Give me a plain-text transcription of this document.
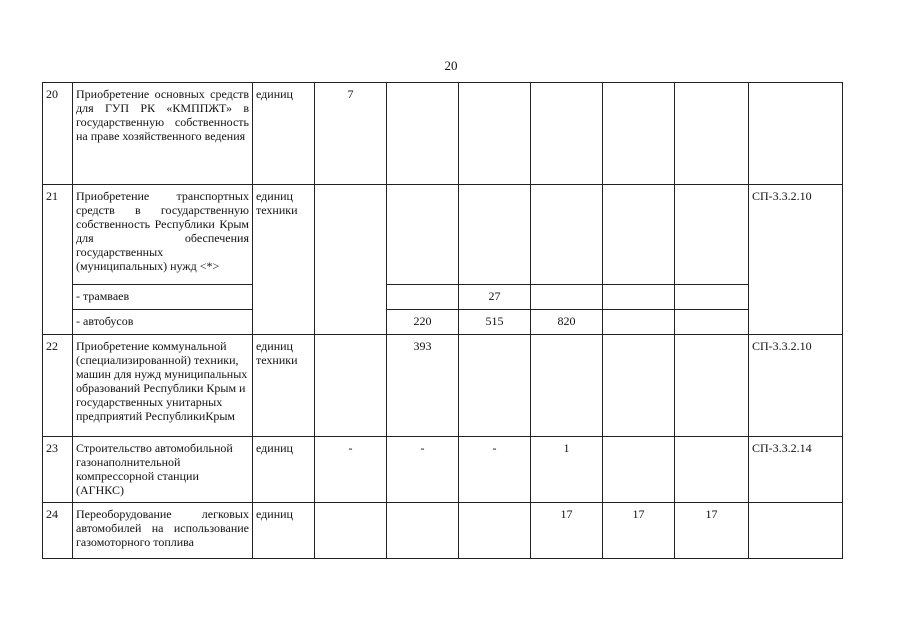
20
20	Приобретение основных средств для ГУП РК «КМППЖТ» в государственную собственность на праве хозяйственного ведения	единиц	7						
21	Приобретение транспортных средств в государственную собственность Республики Крым для обеспечения государственных (муниципальных) нужд <*>	единиц техники							СП-3.3.2.10
	- трамваев				27				
	- автобусов			220	515	820			
22	Приобретение коммунальной (специализированной) техники, машин для нужд муниципальных образований Республики Крым и государственных унитарных предприятий РеспубликиКрым	единиц техники		393					СП-3.3.2.10
23	Строительство автомобильной газонаполнительной компрессорной станции (АГНКС)	единиц	-	-	-	1			СП-3.3.2.14
24	Переоборудование легковых автомобилей на использование газомоторного топлива	единиц				17	17	17	
